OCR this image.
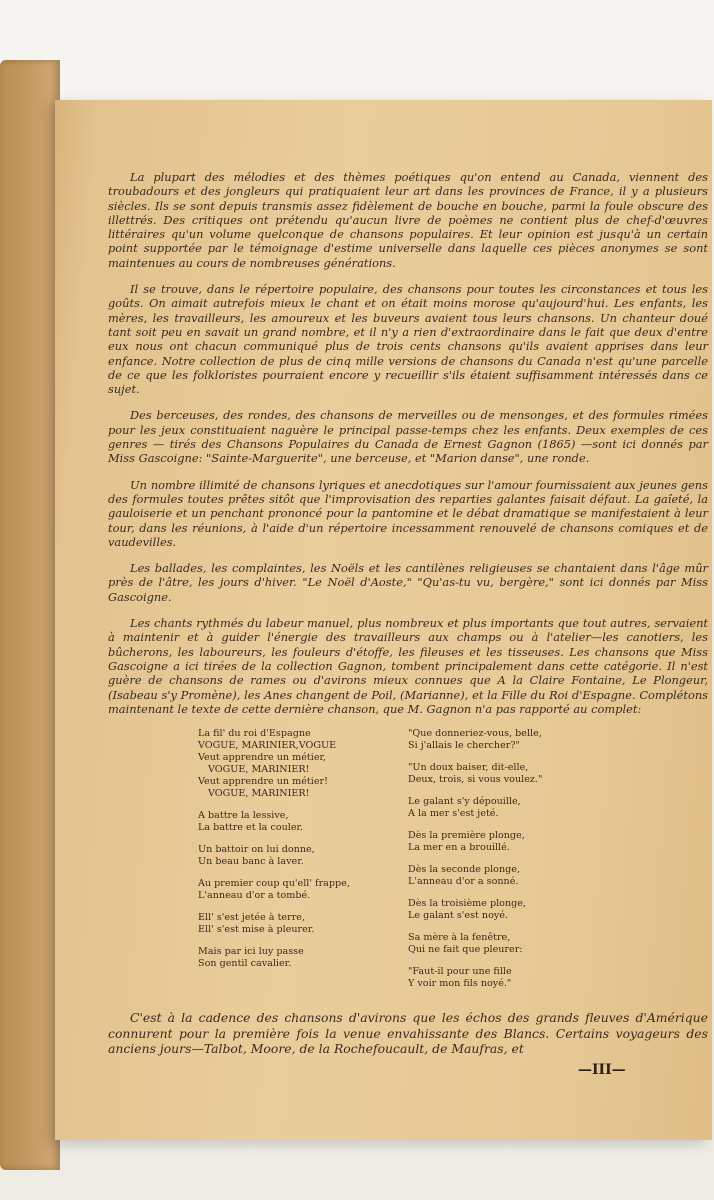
La plupart des mélodies et des thèmes poétiques qu'on entend au Canada, viennent des troubadours et des jongleurs qui pratiquaient leur art dans les provinces de France, il y a plusieurs siècles. Ils se sont depuis transmis assez fidèlement de bouche en bouche, parmi la foule obscure des illettrés. Des critiques ont prétendu qu'aucun livre de poèmes ne contient plus de chef-d'œuvres littéraires qu'un volume quelconque de chansons populaires. Et leur opinion est jusqu'à un certain point supportée par le témoignage d'estime universelle dans laquelle ces pièces anonymes se sont maintenues au cours de nombreuses générations.

Il se trouve, dans le répertoire populaire, des chansons pour toutes les circonstances et tous les goûts. On aimait autrefois mieux le chant et on était moins morose qu'aujourd'hui. Les enfants, les mères, les travailleurs, les amoureux et les buveurs avaient tous leurs chansons. Un chanteur doué tant soit peu en savait un grand nombre, et il n'y a rien d'extraordinaire dans le fait que deux d'entre eux nous ont chacun communiqué plus de trois cents chansons qu'ils avaient apprises dans leur enfance. Notre collection de plus de cinq mille versions de chansons du Canada n'est qu'une parcelle de ce que les folkloristes pourraient encore y recueillir s'ils étaient suffisamment intéressés dans ce sujet.

Des berceuses, des rondes, des chansons de merveilles ou de mensonges, et des formules rimées pour les jeux constituaient naguère le principal passe-temps chez les enfants. Deux exemples de ces genres — tirés des Chansons Populaires du Canada de Ernest Gagnon (1865) —sont ici donnés par Miss Gascoigne: "Sainte-Marguerite", une berceuse, et "Marion danse", une ronde.

Un nombre illimité de chansons lyriques et anecdotiques sur l'amour fournissaient aux jeunes gens des formules toutes prêtes sitôt que l'improvisation des reparties galantes faisait défaut. La gaîeté, la gauloiserie et un penchant prononcé pour la pantomine et le débat dramatique se manifestaient à leur tour, dans les réunions, à l'aide d'un répertoire incessamment renouvelé de chansons comiques et de vaudevilles.

Les ballades, les complaintes, les Noëls et les cantilènes religieuses se chantaient dans l'âge mûr près de l'âtre, les jours d'hiver. "Le Noël d'Aoste," "Qu'as-tu vu, bergère," sont ici donnés par Miss Gascoigne.

Les chants rythmés du labeur manuel, plus nombreux et plus importants que tout autres, servaient à maintenir et à guider l'énergie des travailleurs aux champs ou à l'atelier—les canotiers, les bûcherons, les laboureurs, les fouleurs d'étoffe, les fileuses et les tisseuses. Les chansons que Miss Gascoigne a ici tirées de la collection Gagnon, tombent principalement dans cette catégorie. Il n'est guère de chansons de rames ou d'avirons mieux connues que A la Claire Fontaine, Le Plongeur, (Isabeau s'y Promène), les Anes changent de Poil, (Marianne), et la Fille du Roi d'Espagne. Complétons maintenant le texte de cette dernière chanson, que M. Gagnon n'a pas rapporté au complet:

La fil' du roi d'Espagne
VOGUE, MARINIER,VOGUE
Veut apprendre un métier,
VOGUE, MARINIER!
Veut apprendre un métier!
VOGUE, MARINIER!
A battre la lessive,
La battre et la couler.
Un battoir on lui donne,
Un beau banc à laver.
Au premier coup qu'ell' frappe,
L'anneau d'or a tombé.
Ell' s'est jetée à terre,
Ell' s'est mise à pleurer.
Mais par ici luy passe
Son gentil cavalier.
"Que donneriez-vous, belle,
Si j'allais le chercher?"
"Un doux baiser, dit-elle,
Deux, trois, si vous voulez."
Le galant s'y dépouille,
A la mer s'est jeté.
Dès la première plonge,
La mer en a brouillé.
Dès la seconde plonge,
L'anneau d'or a sonné.
Dès la troisième plonge,
Le galant s'est noyé.
Sa mère à la fenêtre,
Qui ne fait que pleurer:
"Faut-il pour une fille
Y voir mon fils noyé."

C'est à la cadence des chansons d'avirons que les échos des grands fleuves d'Amérique connurent pour la première fois la venue envahissante des Blancs. Certains voyageurs des anciens jours—Talbot, Moore, de la Rochefoucault, de Maufras, et

—III—
